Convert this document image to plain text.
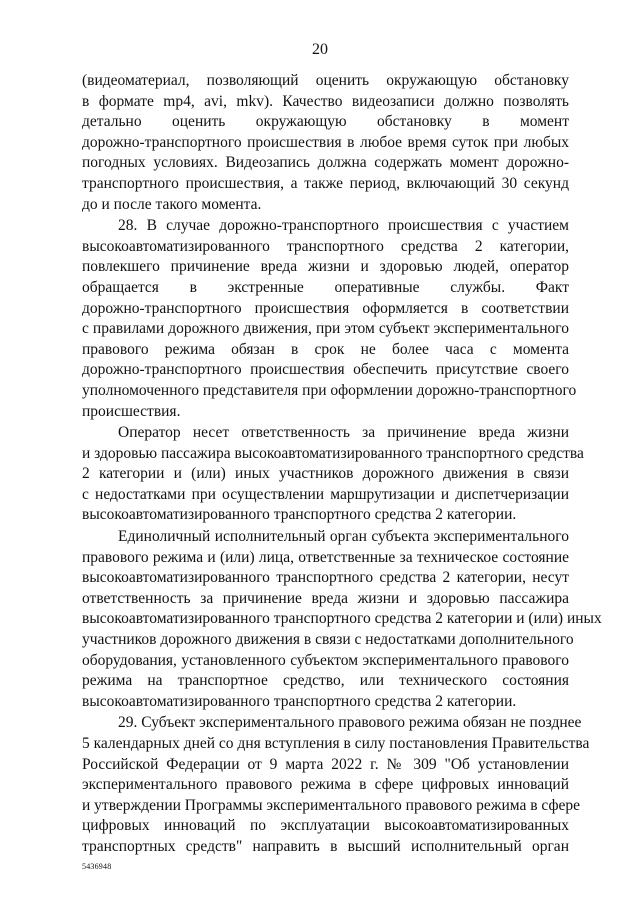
20

(видеоматериал, позволяющий оценить окружающую обстановку
в формате mp4, avi, mkv). Качество видеозаписи должно позволять
детально оценить окружающую обстановку в момент
дорожно-транспортного происшествия в любое время суток при любых
погодных условиях. Видеозапись должна содержать момент дорожно-
транспортного происшествия, а также период, включающий 30 секунд
до и после такого момента.

28. В случае дорожно-транспортного происшествия с участием
высокоавтоматизированного транспортного средства 2 категории,
повлекшего причинение вреда жизни и здоровью людей, оператор
обращается в экстренные оперативные службы. Факт
дорожно-транспортного происшествия оформляется в соответствии
с правилами дорожного движения, при этом субъект экспериментального
правового режима обязан в срок не более часа с момента
дорожно-транспортного происшествия обеспечить присутствие своего
уполномоченного представителя при оформлении дорожно-транспортного
происшествия.

Оператор несет ответственность за причинение вреда жизни
и здоровью пассажира высокоавтоматизированного транспортного средства
2 категории и (или) иных участников дорожного движения в связи
с недостатками при осуществлении маршрутизации и диспетчеризации
высокоавтоматизированного транспортного средства 2 категории.

Единоличный исполнительный орган субъекта экспериментального
правового режима и (или) лица, ответственные за техническое состояние
высокоавтоматизированного транспортного средства 2 категории, несут
ответственность за причинение вреда жизни и здоровью пассажира
высокоавтоматизированного транспортного средства 2 категории и (или) иных
участников дорожного движения в связи с недостатками дополнительного
оборудования, установленного субъектом экспериментального правового
режима на транспортное средство, или технического состояния
высокоавтоматизированного транспортного средства 2 категории.

29. Субъект экспериментального правового режима обязан не позднее
5 календарных дней со дня вступления в силу постановления Правительства
Российской Федерации от 9 марта 2022 г. № 309 "Об установлении
экспериментального правового режима в сфере цифровых инноваций
и утверждении Программы экспериментального правового режима в сфере
цифровых инноваций по эксплуатации высокоавтоматизированных
транспортных средств" направить в высший исполнительный орган

5436948
